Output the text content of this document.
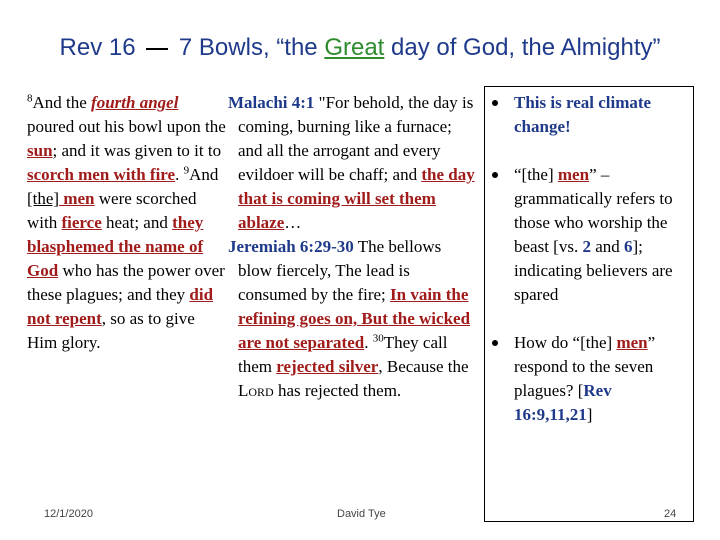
Rev 16 7 Bowls, “the Great day of God, the Almighty”
$^8$And the fourth angel poured out his bowl upon the sun; and it was given to it to scorch men with fire. $^9$And [the] men were scorched with fierce heat; and they blasphemed the name of God who has the power over these plagues; and they did not repent, so as to give Him glory.
Malachi 4:1 "For behold, the day is coming, burning like a furnace; and all the arrogant and every evildoer will be chaff; and the day that is coming will set them ablaze…
Jeremiah 6:29-30 The bellows blow fiercely, The lead is consumed by the fire; In vain the refining goes on, But the wicked are not separated. $^{30}$They call them rejected silver, Because the Lord has rejected them.
This is real climate change!
“[the] men” – grammatically refers to those who worship the beast [vs. 2 and 6]; indicating believers are spared
How do “[the] men” respond to the seven plagues? [Rev 16:9,11,21]
12/1/2020	David Tye	24
